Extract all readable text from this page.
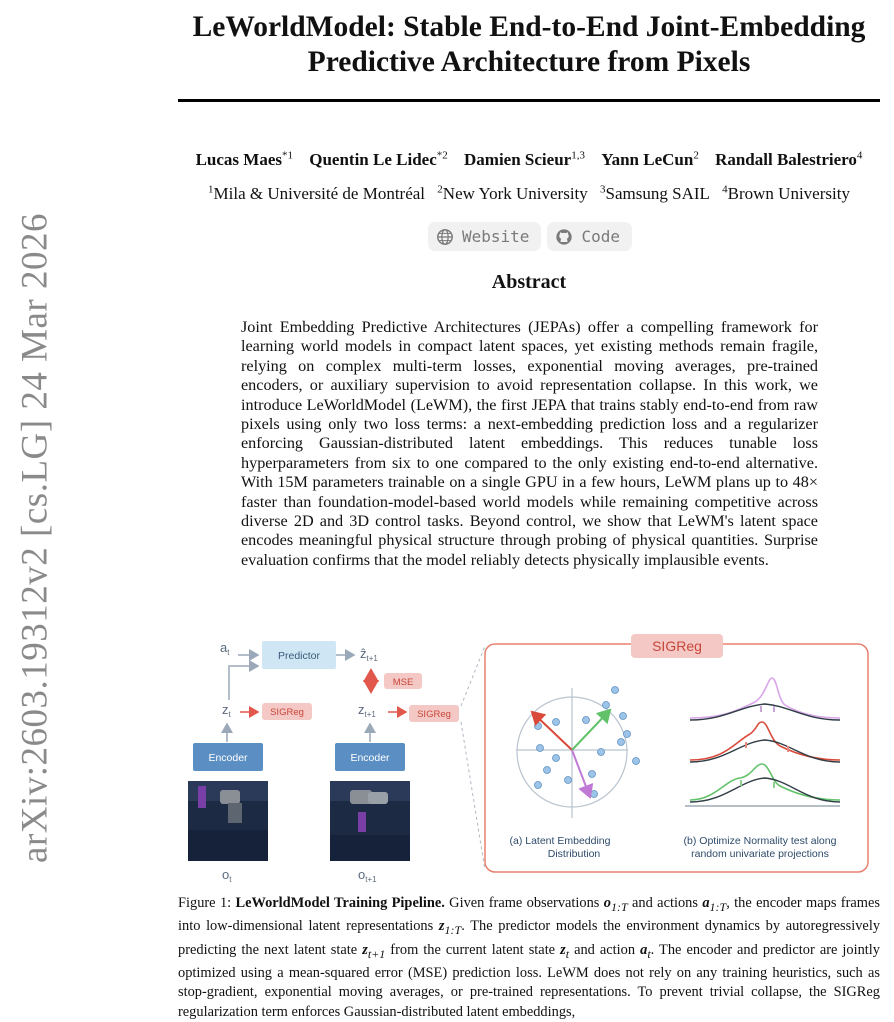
arXiv:2603.19312v2 [cs.LG] 24 Mar 2026
LeWorldModel: Stable End-to-End Joint-Embedding Predictive Architecture from Pixels
Lucas Maes$^{*1}$ Quentin Le Lidec$^{*2}$ Damien Scieur$^{1,3}$ Yann LeCun$^2$ Randall Balestriero$^4$
$^1$Mila & Université de Montréal $^2$New York University $^3$Samsung SAIL $^4$Brown University
Website	Code
Abstract
Joint Embedding Predictive Architectures (JEPAs) offer a compelling framework for learning world models in compact latent spaces, yet existing methods remain fragile, relying on complex multi-term losses, exponential moving averages, pre-trained encoders, or auxiliary supervision to avoid representation collapse. In this work, we introduce LeWorldModel (LeWM), the first JEPA that trains stably end-to-end from raw pixels using only two loss terms: a next-embedding prediction loss and a regularizer enforcing Gaussian-distributed latent embeddings. This reduces tunable loss hyperparameters from six to one compared to the only existing end-to-end alternative. With 15M parameters trainable on a single GPU in a few hours, LeWM plans up to 48× faster than foundation-model-based world models while remaining competitive across diverse 2D and 3D control tasks. Beyond control, we show that LeWM's latent space encodes meaningful physical structure through probing of physical quantities. Surprise evaluation confirms that the model reliably detects physically implausible events.
$a_t$	Predictor	ẑ$_{t+1}$
$z_t$	SIGReg
MSE
$z_{t+1}$	SIGReg
Encoder	Encoder
$o_t$	$o_{t+1}$
SIGReg
(a) Latent Embedding
Distribution
(b) Optimize Normality test along
random univariate projections
Figure 1: LeWorldModel Training Pipeline. Given frame observations $o_{1:T}$ and actions $a_{1:T}$, the encoder maps frames into low-dimensional latent representations $z_{1:T}$. The predictor models the environment dynamics by autoregressively predicting the next latent state $z_{t+1}$ from the current latent state $z_t$ and action $a_t$. The encoder and predictor are jointly optimized using a mean-squared error (MSE) prediction loss. LeWM does not rely on any training heuristics, such as stop-gradient, exponential moving averages, or pre-trained representations. To prevent trivial collapse, the SIGReg regularization term enforces Gaussian-distributed latent embeddings,
